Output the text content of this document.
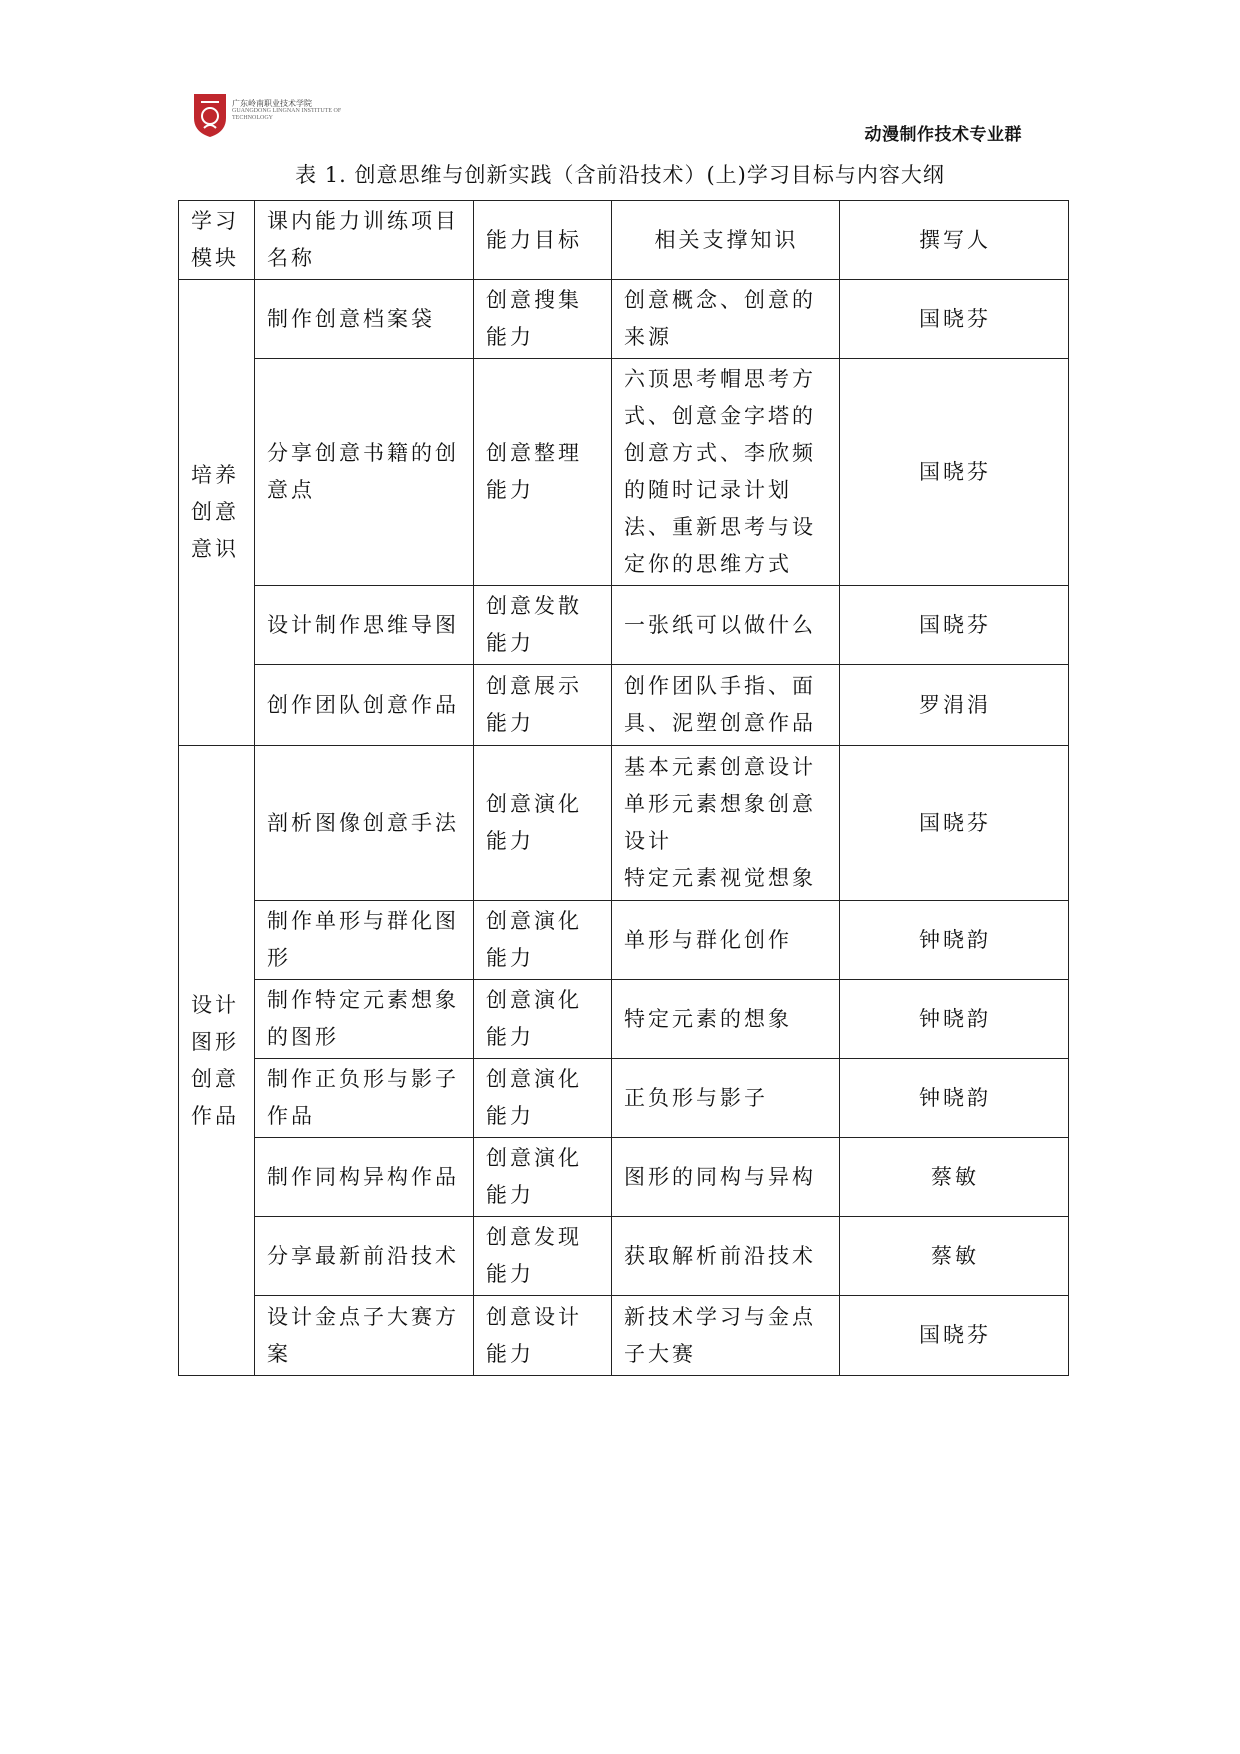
广东岭南职业技术学院
GUANGDONG LINGNAN INSTITUTE OF TECHNOLOGY
动漫制作技术专业群
表 1. 创意思维与创新实践（含前沿技术）(上)学习目标与内容大纲
学习模块	课内能力训练项目名称	能力目标	相关支撑知识	撰写人
培养创意意识	制作创意档案袋	创意搜集能力	创意概念、创意的来源	国晓芬
	分享创意书籍的创意点	创意整理能力	六顶思考帽思考方式、创意金字塔的创意方式、李欣频的随时记录计划法、重新思考与设定你的思维方式	国晓芬
	设计制作思维导图	创意发散能力	一张纸可以做什么	国晓芬
	创作团队创意作品	创意展示能力	创作团队手指、面具、泥塑创意作品	罗涓涓
设计图形创意作品	剖析图像创意手法	创意演化能力	基本元素创意设计
单形元素想象创意设计
特定元素视觉想象	国晓芬
	制作单形与群化图形	创意演化能力	单形与群化创作	钟晓韵
	制作特定元素想象的图形	创意演化能力	特定元素的想象	钟晓韵
	制作正负形与影子作品	创意演化能力	正负形与影子	钟晓韵
	制作同构异构作品	创意演化能力	图形的同构与异构	蔡敏
	分享最新前沿技术	创意发现能力	获取解析前沿技术	蔡敏
	设计金点子大赛方案	创意设计能力	新技术学习与金点子大赛	国晓芬
